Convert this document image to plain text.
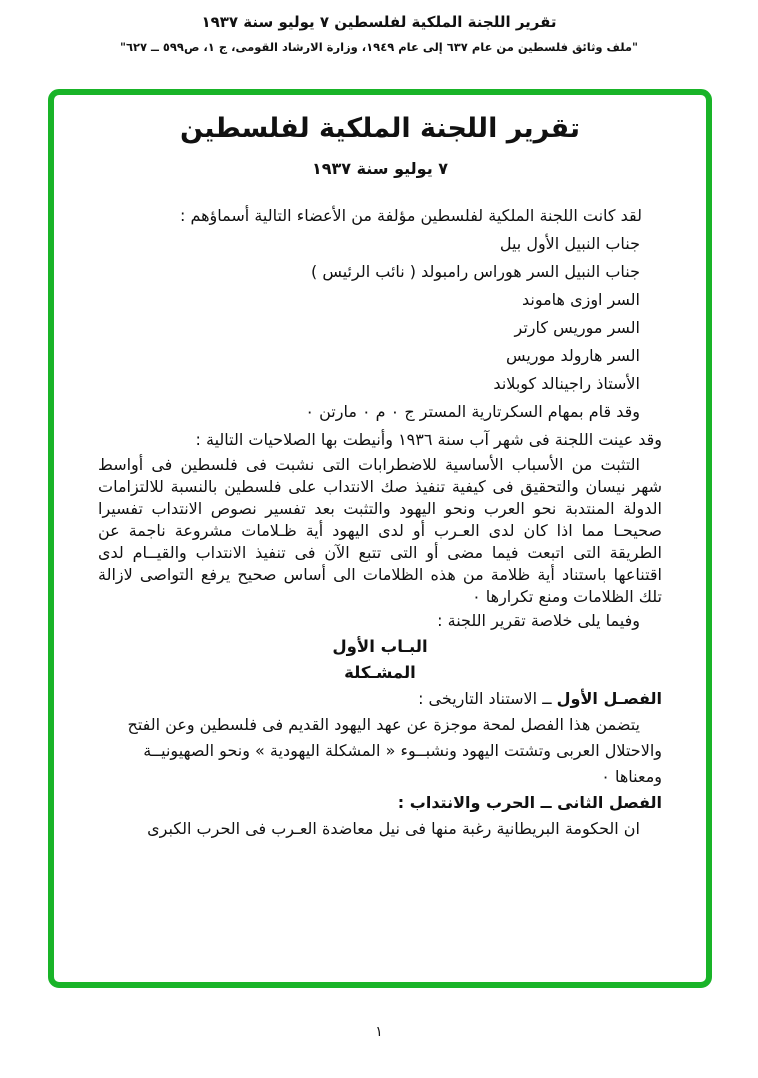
تقرير اللجنة الملكية لفلسطين ٧ يوليو سنة ١٩٣٧
"ملف وثائق فلسطين من عام ٦٣٧ إلى عام ١٩٤٩، وزارة الارشاد القومى، ج ١، ص٥٩٩ ــ ٦٢٧"
تقرير اللجنة الملكية لفلسطين
٧ يوليو سنة ١٩٣٧

لقد كانت اللجنة الملكية لفلسطين مؤلفة من الأعضاء التالية أسماؤهم :

جناب النبيل الأول بيل

جناب النبيل السر هوراس رامبولد ( نائب الرئيس )

السر اوزى هاموند

السر موريس كارتر

السر هارولد موريس

الأستاذ راجينالد كوبلاند

وقد قام بمهام السكرتارية المستر ج ٠ م ٠ مارتن ٠

وقد عينت اللجنة فى شهر آب سنة ١٩٣٦ وأنيطت بها الصلاحيات التالية :

التثبت من الأسباب الأساسية للاضطرابات التى نشبت فى فلسطين فى أواسط شهر نيسان والتحقيق فى كيفية تنفيذ صك الانتداب على فلسطين بالنسبة للالتزامات الدولة المنتدبة نحو العرب ونحو اليهود والتثبت بعد تفسير نصوص الانتداب تفسيرا صحيحـا مما اذا كان لدى العـرب أو لدى اليهود أية ظـلامات مشروعة ناجمة عن الطريقة التى اتبعت فيما مضى أو التى تتبع الآن فى تنفيذ الانتداب والقيــام لدى اقتناعها باستناد أية ظلامة من هذه الظلامات الى أساس صحيح يرفع التواصى لازالة تلك الظلامات ومنع تكرارها ٠

وفيما يلى خلاصة تقرير اللجنة :

البـاب الأول

المشـكلة

الفصـل الأول ــ الاستناد التاريخى :

يتضمن هذا الفصل لمحة موجزة عن عهد اليهود القديم فى فلسطين وعن الفتح والاحتلال العربى وتشتت اليهود ونشبــوء « المشكلة اليهودية » ونحو الصهيونيــة ومعناها ٠

الفصل الثانى ــ الحرب والانتداب :

ان الحكومة البريطانية رغبة منها فى نيل معاضدة العـرب فى الحرب الكبرى

١
